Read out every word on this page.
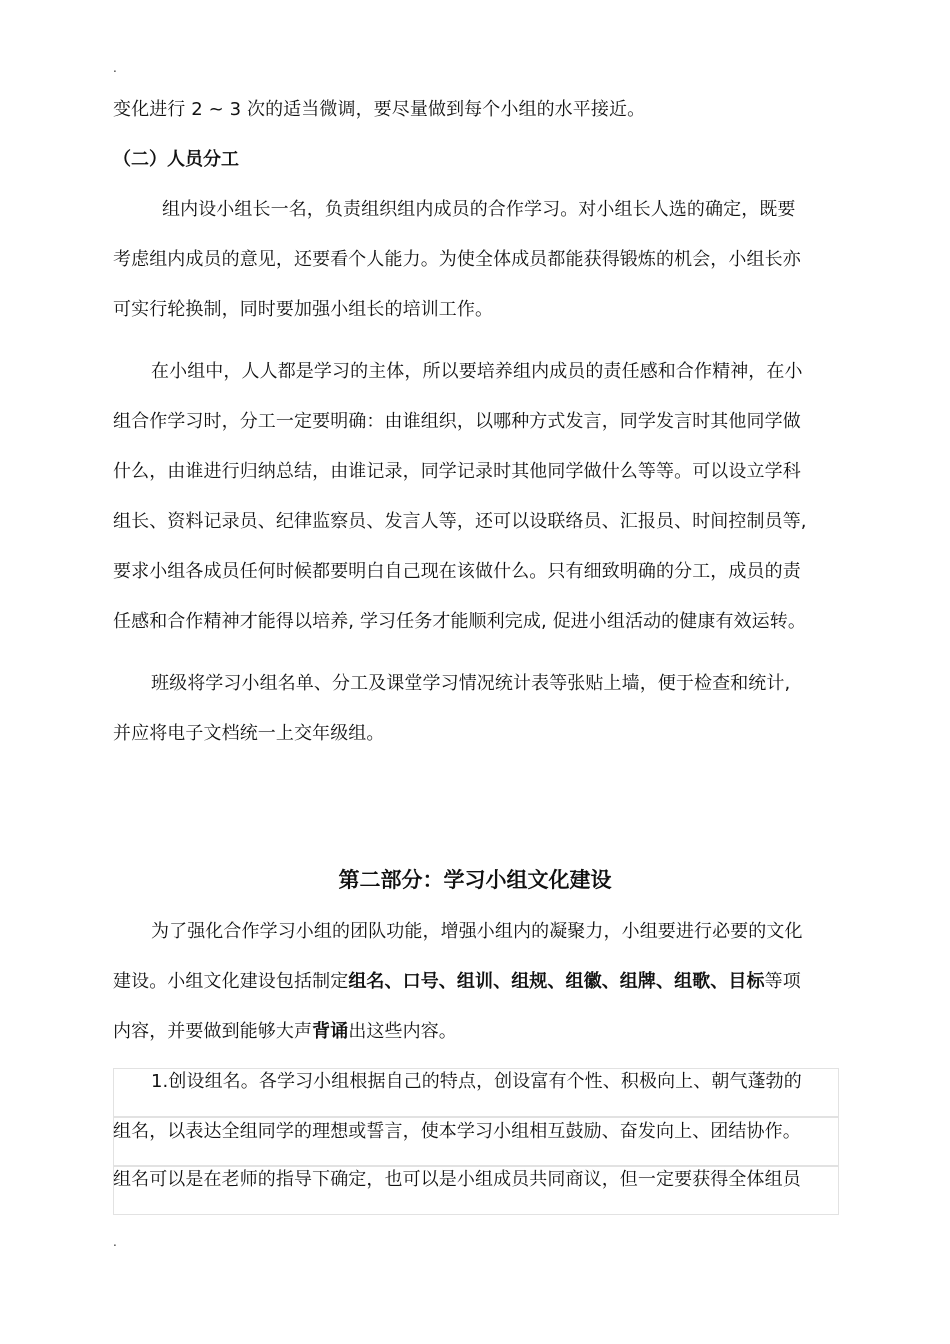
.
变化进行 2 ~ 3 次的适当微调，要尽量做到每个小组的水平接近。
（二）人员分工
组内设小组长一名，负责组织组内成员的合作学习。对小组长人选的确定，既要
考虑组内成员的意见，还要看个人能力。为使全体成员都能获得锻炼的机会，小组长亦
可实行轮换制，同时要加强小组长的培训工作。
在小组中，人人都是学习的主体，所以要培养组内成员的责任感和合作精神，在小
组合作学习时，分工一定要明确：由谁组织，以哪种方式发言，同学发言时其他同学做
什么，由谁进行归纳总结，由谁记录，同学记录时其他同学做什么等等。可以设立学科
组长、资料记录员、纪律监察员、发言人等，还可以设联络员、汇报员、时间控制员等,
要求小组各成员任何时候都要明白自己现在该做什么。只有细致明确的分工，成员的责
任感和合作精神才能得以培养, 学习任务才能顺利完成, 促进小组活动的健康有效运转。
班级将学习小组名单、分工及课堂学习情况统计表等张贴上墙，便于检查和统计,
并应将电子文档统一上交年级组。
第二部分：学习小组文化建设
为了强化合作学习小组的团队功能，增强小组内的凝聚力，小组要进行必要的文化
建设。小组文化建设包括制定组名、口号、组训、组规、组徽、组牌、组歌、目标等项
内容，并要做到能够大声背诵出这些内容。
1.创设组名。各学习小组根据自己的特点，创设富有个性、积极向上、朝气蓬勃的
组名，以表达全组同学的理想或誓言，使本学习小组相互鼓励、奋发向上、团结协作。
组名可以是在老师的指导下确定，也可以是小组成员共同商议，但一定要获得全体组员
.
